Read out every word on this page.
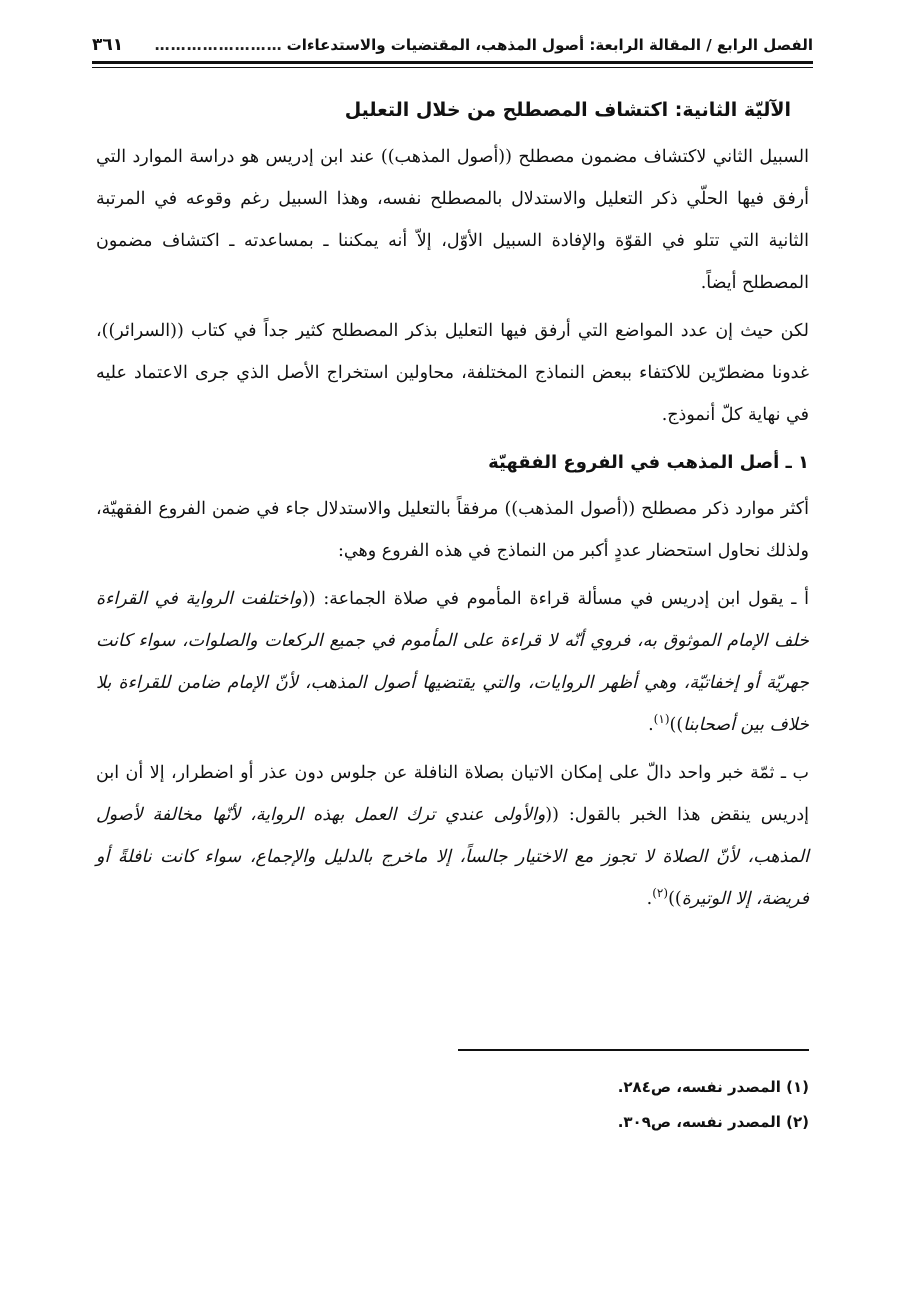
الفصل الرابع / المقالة الرابعة: أصول المذهب، المقتضيات والاستدعاءات
……………………
٣٦١
الآليّة الثانية: اكتشاف المصطلح من خلال التعليل

السبيل الثاني لاكتشاف مضمون مصطلح ((أصول المذهب)) عند ابن إدريس هو دراسة الموارد التي أرفق فيها الحلّي ذكر التعليل والاستدلال بالمصطلح نفسه، وهذا السبيل رغم وقوعه في المرتبة الثانية التي تتلو في القوّة والإفادة السبيل الأوّل، إلاّ أنه يمكننا ـ بمساعدته ـ اكتشاف مضمون المصطلح أيضاً.

لكن حيث إن عدد المواضع التي أرفق فيها التعليل بذكر المصطلح كثير جداً في كتاب ((السرائر))، غدونا مضطرّين للاكتفاء ببعض النماذج المختلفة، محاولين استخراج الأصل الذي جرى الاعتماد عليه في نهاية كلّ أنموذج.

١ ـ أصل المذهب في الفروع الفقهيّة

أكثر موارد ذكر مصطلح ((أصول المذهب)) مرفقاً بالتعليل والاستدلال جاء في ضمن الفروع الفقهيّة، ولذلك نحاول استحضار عددٍ أكبر من النماذج في هذه الفروع وهي:

أ ـ يقول ابن إدريس في مسألة قراءة المأموم في صلاة الجماعة: ((واختلفت الرواية في القراءة خلف الإمام الموثوق به، فروي أنّه لا قراءة على المأموم في جميع الركعات والصلوات، سواء كانت جهريّة أو إخفاتيّة، وهي أظهر الروايات، والتي يقتضيها أصول المذهب، لأنّ الإمام ضامن للقراءة بلا خلاف بين أصحابنا))$^{(١)}$.

ب ـ ثمّة خبر واحد دالّ على إمكان الاتيان بصلاة النافلة عن جلوس دون عذر أو اضطرار، إلا أن ابن إدريس ينقض هذا الخبر بالقول: ((والأولى عندي ترك العمل بهذه الرواية، لأنّها مخالفة لأصول المذهب، لأنّ الصلاة لا تجوز مع الاختيار جالساً، إلا ماخرج بالدليل والإجماع، سواء كانت نافلةً أو فريضة، إلا الوتيرة))$^{(٢)}$.

(١) المصدر نفسه، ص٢٨٤.

(٢) المصدر نفسه، ص٣٠٩.
